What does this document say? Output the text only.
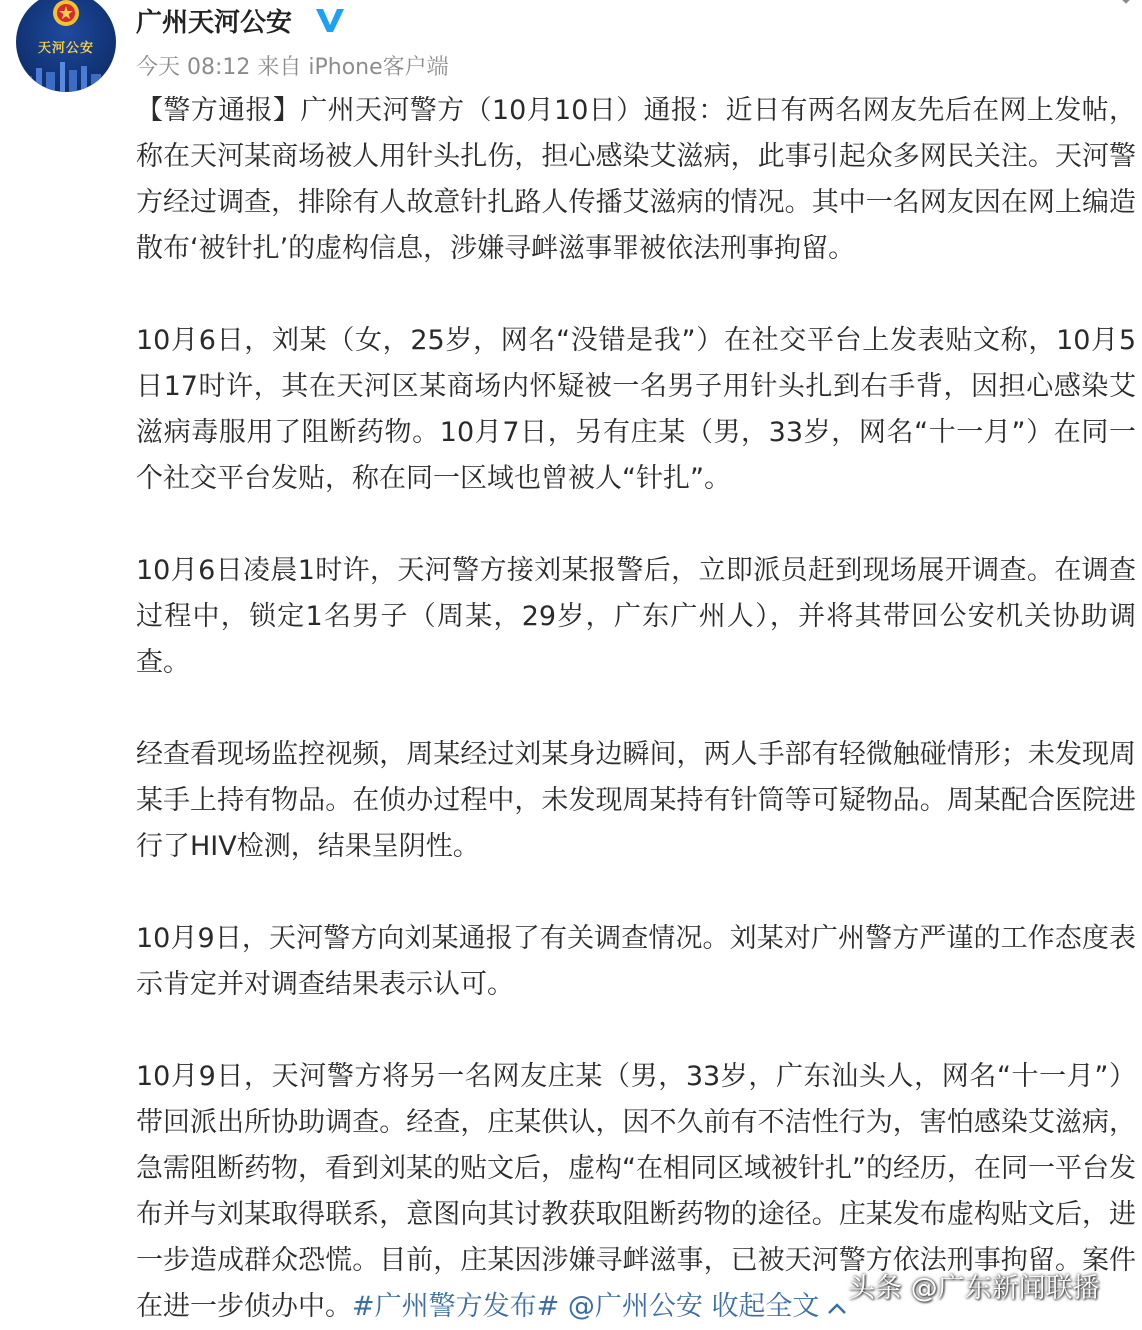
天河公安
广州天河公安
今天 08:12 来自 iPhone客户端

【警方通报】广州天河警方（10月10日）通报：近日有两名网友先后在网上发帖，称在天河某商场被人用针头扎伤，担心感染艾滋病，此事引起众多网民关注。天河警方经过调查，排除有人故意针扎路人传播艾滋病的情况。其中一名网友因在网上编造散布‘被针扎’的虚构信息，涉嫌寻衅滋事罪被依法刑事拘留。

10月6日，刘某（女，25岁，网名“没错是我”）在社交平台上发表贴文称，10月5日17时许，其在天河区某商场内怀疑被一名男子用针头扎到右手背，因担心感染艾滋病毒服用了阻断药物。10月7日，另有庄某（男，33岁，网名“十一月”）在同一个社交平台发贴，称在同一区域也曾被人“针扎”。

10月6日凌晨1时许，天河警方接刘某报警后，立即派员赶到现场展开调查。在调查过程中，锁定1名男子（周某，29岁，广东广州人），并将其带回公安机关协助调查。

经查看现场监控视频，周某经过刘某身边瞬间，两人手部有轻微触碰情形；未发现周某手上持有物品。在侦办过程中，未发现周某持有针筒等可疑物品。周某配合医院进行了HIV检测，结果呈阴性。

10月9日，天河警方向刘某通报了有关调查情况。刘某对广州警方严谨的工作态度表示肯定并对调查结果表示认可。

10月9日，天河警方将另一名网友庄某（男，33岁，广东汕头人，网名“十一月”）带回派出所协助调查。经查，庄某供认，因不久前有不洁性行为，害怕感染艾滋病，急需阻断药物，看到刘某的贴文后，虚构“在相同区域被针扎”的经历，在同一平台发布并与刘某取得联系，意图向其讨教获取阻断药物的途径。庄某发布虚构贴文后，进一步造成群众恐慌。目前，庄某因涉嫌寻衅滋事，已被天河警方依法刑事拘留。案件在进一步侦办中。#广州警方发布# @广州公安 收起全文

头条 @广东新闻联播
